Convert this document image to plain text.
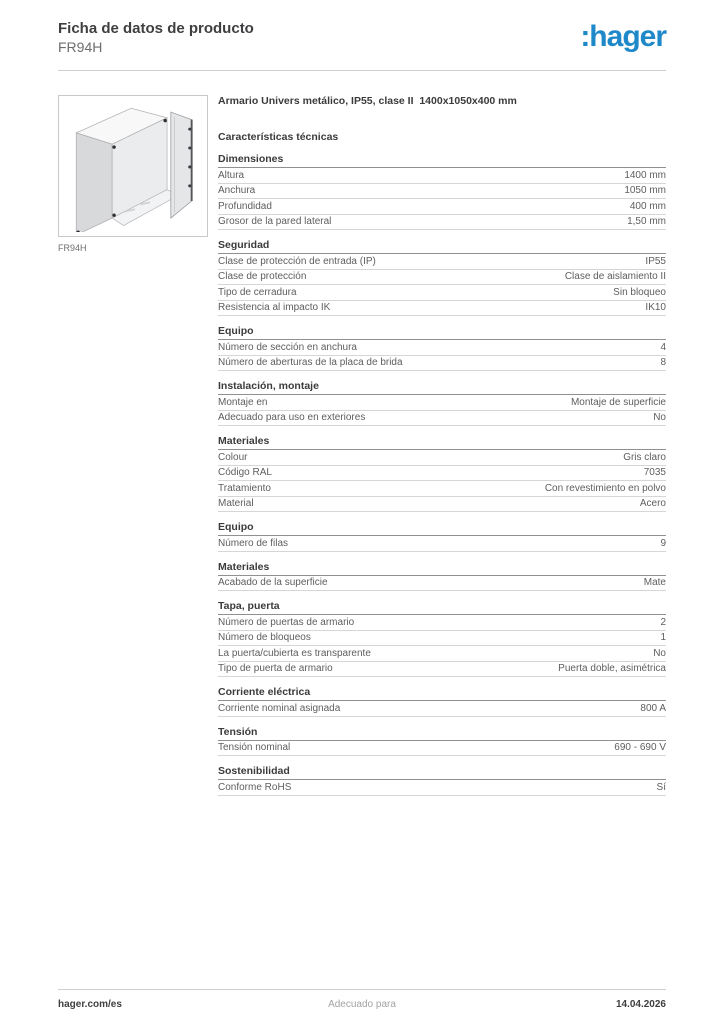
Ficha de datos de producto
FR94H	:hager
FR94H
Armario Univers metálico, IP55, clase II  1400x1050x400 mm
Características técnicas
Dimensiones
Altura	1400 mm
Anchura	1050 mm
Profundidad	400 mm
Grosor de la pared lateral	1,50 mm
Seguridad
Clase de protección de entrada (IP)	IP55
Clase de protección	Clase de aislamiento II
Tipo de cerradura	Sin bloqueo
Resistencia al impacto IK	IK10
Equipo
Número de sección en anchura	4
Número de aberturas de la placa de brida	8
Instalación, montaje
Montaje en	Montaje de superficie
Adecuado para uso en exteriores	No
Materiales
Colour	Gris claro
Código RAL	7035
Tratamiento	Con revestimiento en polvo
Material	Acero
Equipo
Número de filas	9
Materiales
Acabado de la superficie	Mate
Tapa, puerta
Número de puertas de armario	2
Número de bloqueos	1
La puerta/cubierta es transparente	No
Tipo de puerta de armario	Puerta doble, asimétrica
Corriente eléctrica
Corriente nominal asignada	800 A
Tensión
Tensión nominal	690 - 690 V
Sostenibilidad
Conforme RoHS	Sí
hager.com/es	Adecuado para	14.04.2026
